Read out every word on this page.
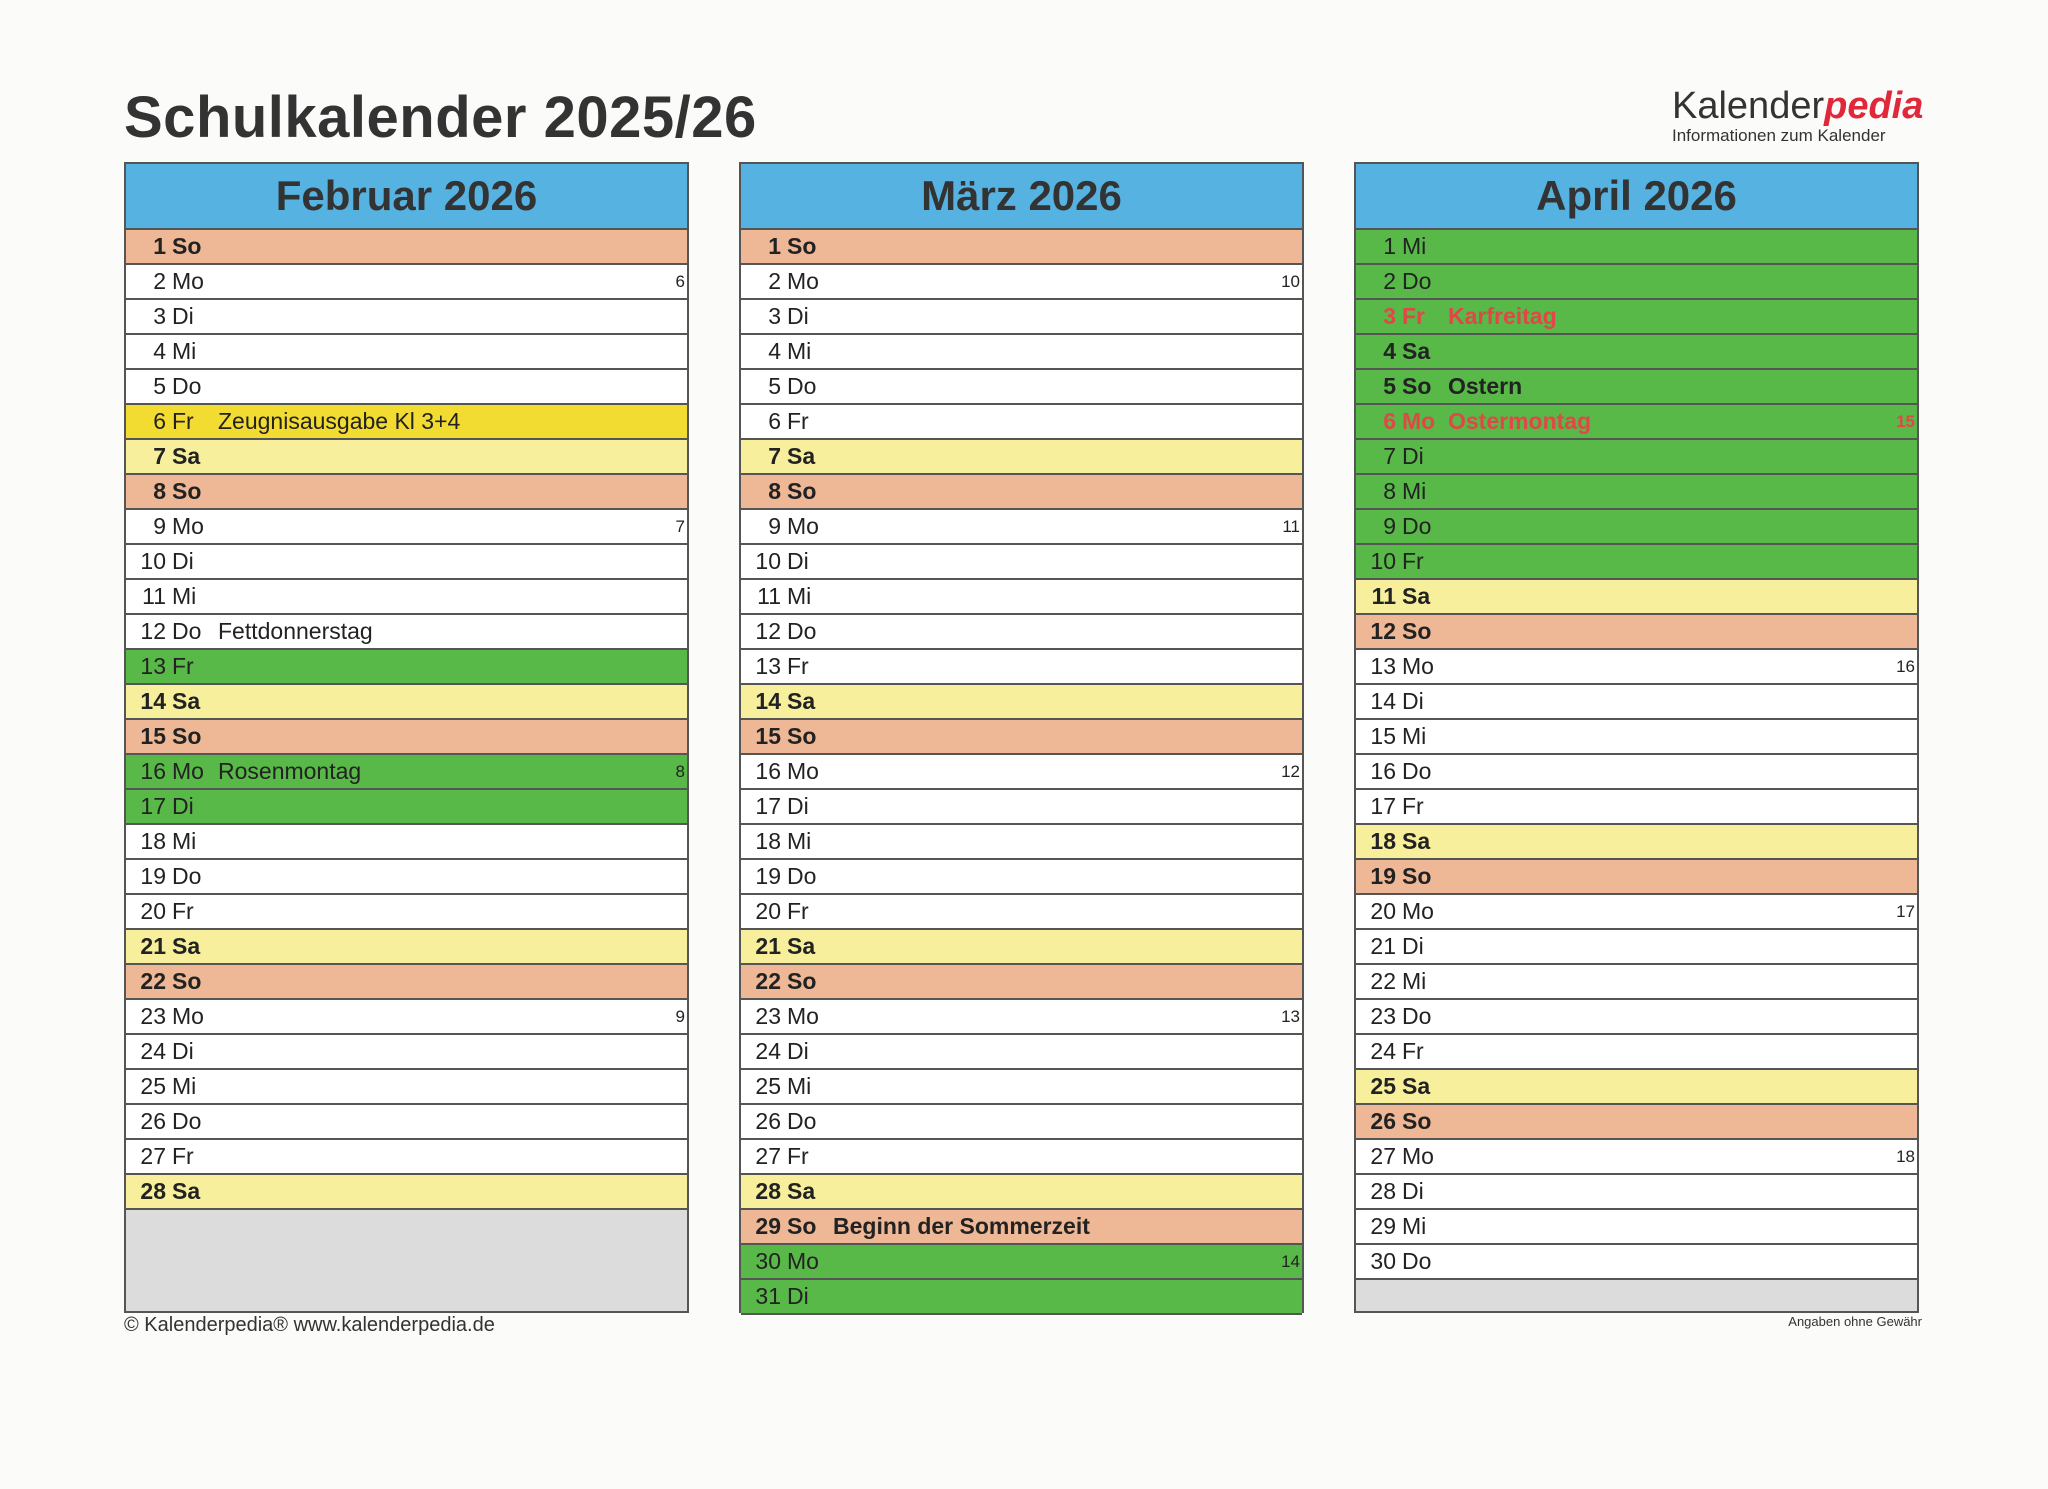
Schulkalender 2025/26	Kalenderpedia
Informationen zum Kalender
Februar 2026
1 So
2 Mo	6
3 Di
4 Mi
5 Do
6 Fr Zeugnisausgabe Kl 3+4
7 Sa
8 So
9 Mo	7
10 Di
11 Mi
12 Do Fettdonnerstag
13 Fr
14 Sa
15 So
16 Mo Rosenmontag	8
17 Di
18 Mi
19 Do
20 Fr
21 Sa
22 So
23 Mo	9
24 Di
25 Mi
26 Do
27 Fr
28 Sa
März 2026
1 So
2 Mo	10
3 Di
4 Mi
5 Do
6 Fr
7 Sa
8 So
9 Mo	11
10 Di
11 Mi
12 Do
13 Fr
14 Sa
15 So
16 Mo	12
17 Di
18 Mi
19 Do
20 Fr
21 Sa
22 So
23 Mo	13
24 Di
25 Mi
26 Do
27 Fr
28 Sa
29 So Beginn der Sommerzeit
30 Mo	14
31 Di
April 2026
1 Mi
2 Do
3 Fr Karfreitag
4 Sa
5 So Ostern
6 Mo Ostermontag	15
7 Di
8 Mi
9 Do
10 Fr
11 Sa
12 So
13 Mo	16
14 Di
15 Mi
16 Do
17 Fr
18 Sa
19 So
20 Mo	17
21 Di
22 Mi
23 Do
24 Fr
25 Sa
26 So
27 Mo	18
28 Di
29 Mi
30 Do
© Kalenderpedia® www.kalenderpedia.de	Angaben ohne Gewähr
